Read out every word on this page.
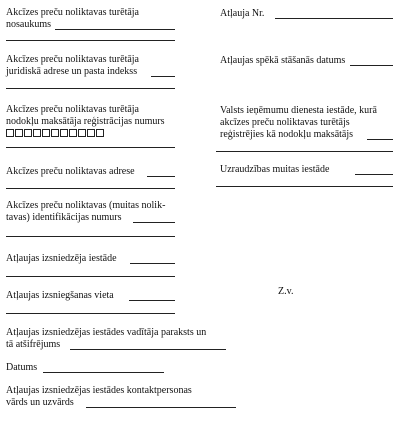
Akcīzes preču noliktavas turētāja

nosaukums

Akcīzes preču noliktavas turētāja

juridiskā adrese un pasta indekss

Akcīzes preču noliktavas turētāja

nodokļu maksātāja reģistrācijas numurs

Akcīzes preču noliktavas adrese

Akcīzes preču noliktavas (muitas nolik-

tavas) identifikācijas numurs

Atļaujas izsniedzēja iestāde

Atļaujas izsniegšanas vieta

Atļaujas izsniedzējas iestādes vadītāja paraksts un

tā atšifrējums

Datums

Atļaujas izsniedzējas iestādes kontaktpersonas

vārds un uzvārds

Atļauja Nr.

Atļaujas spēkā stāšanās datums

Valsts ieņēmumu dienesta iestāde, kurā

akcīzes preču noliktavas turētājs

reģistrējies kā nodokļu maksātājs

Uzraudzības muitas iestāde

Z.v.
